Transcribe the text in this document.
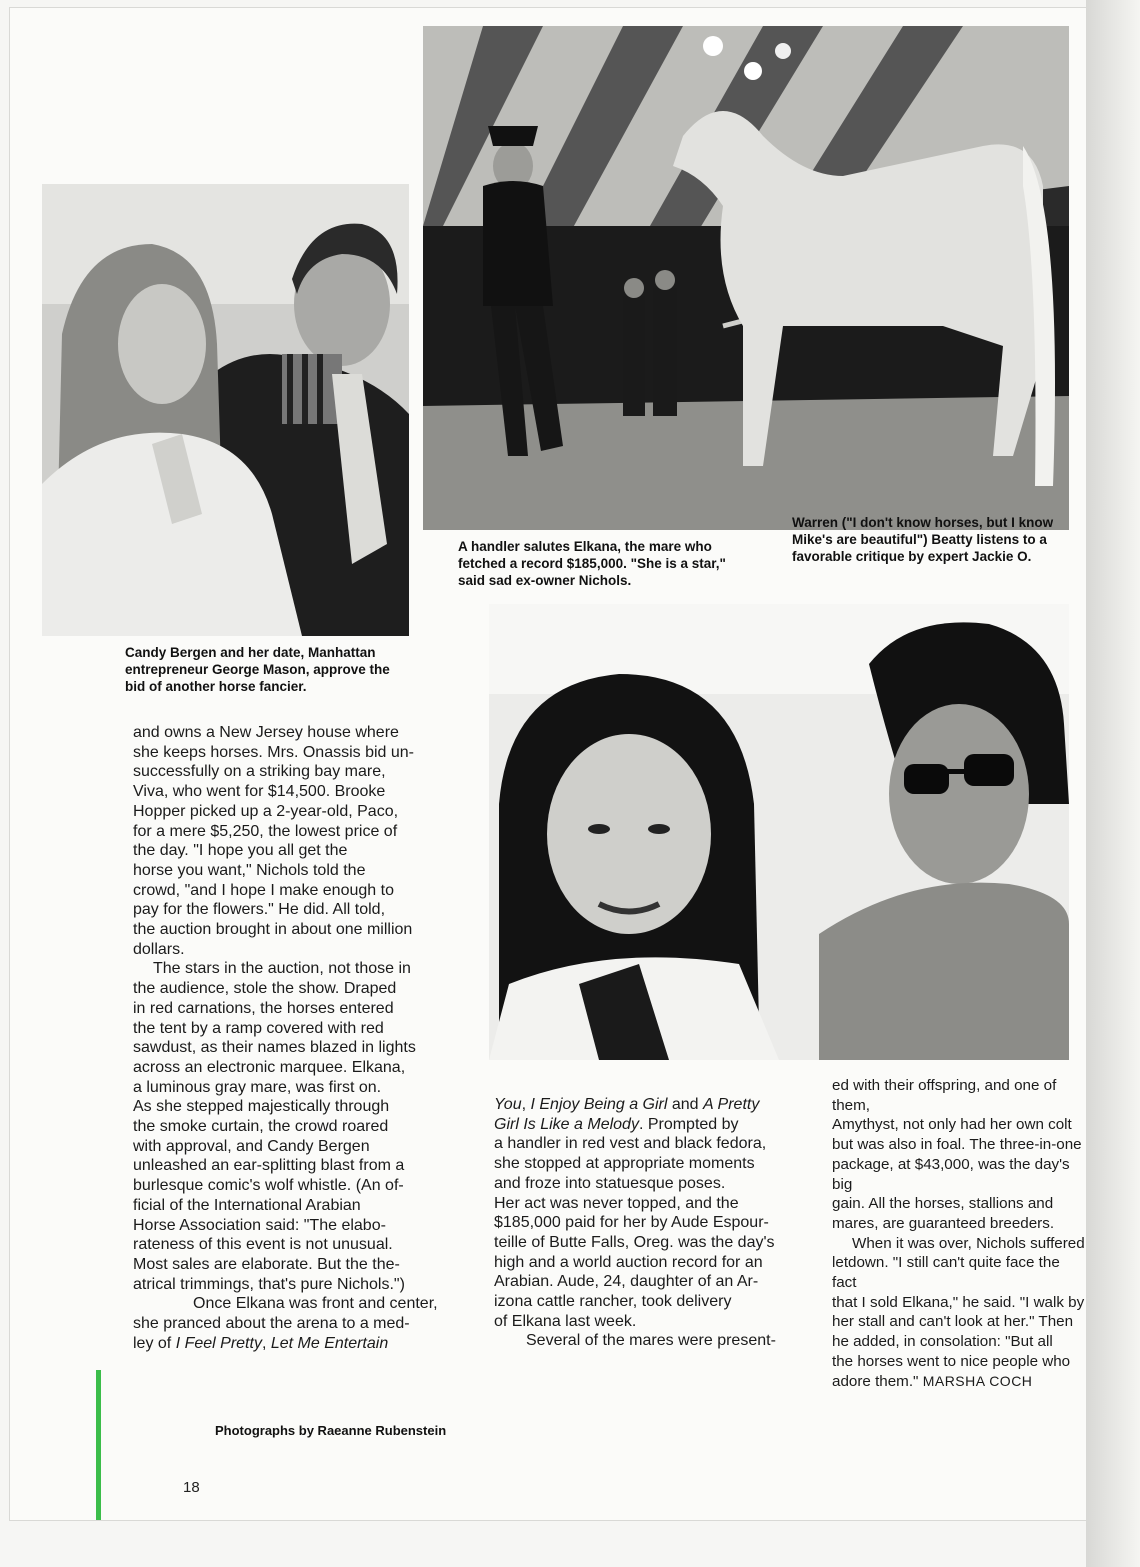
Candy Bergen and her date, Manhattan
entrepreneur George Mason, approve the
bid of another horse fancier.
A handler salutes Elkana, the mare who
fetched a record $185,000. "She is a star,"
said sad ex-owner Nichols.
Warren ("I don't know horses, but I know
Mike's are beautiful") Beatty listens to a
favorable critique by expert Jackie O.

and owns a New Jersey house where
she keeps horses. Mrs. Onassis bid un-
successfully on a striking bay mare,
Viva, who went for $14,500. Brooke
Hopper picked up a 2-year-old, Paco,
for a mere $5,250, the lowest price of
the day. "I hope you all get the
horse you want," Nichols told the
crowd, "and I hope I make enough to
pay for the flowers." He did. All told,
the auction brought in about one million
dollars.

The stars in the auction, not those in
the audience, stole the show. Draped
in red carnations, the horses entered
the tent by a ramp covered with red
sawdust, as their names blazed in lights
across an electronic marquee. Elkana,
a luminous gray mare, was first on.
As she stepped majestically through
the smoke curtain, the crowd roared
with approval, and Candy Bergen
unleashed an ear-splitting blast from a
burlesque comic's wolf whistle. (An of-
ficial of the International Arabian
Horse Association said: "The elabo-
rateness of this event is not unusual.
Most sales are elaborate. But the the-
atrical trimmings, that's pure Nichols.")

Once Elkana was front and center,
she pranced about the arena to a med-
ley of I Feel Pretty, Let Me Entertain

You, I Enjoy Being a Girl and A Pretty
Girl Is Like a Melody. Prompted by
a handler in red vest and black fedora,
she stopped at appropriate moments
and froze into statuesque poses.
Her act was never topped, and the
$185,000 paid for her by Aude Espour-
teille of Butte Falls, Oreg. was the day's
high and a world auction record for an
Arabian. Aude, 24, daughter of an Ar-
izona cattle rancher, took delivery
of Elkana last week.

Several of the mares were present-

ed with their offspring, and one of them,
Amythyst, not only had her own colt
but was also in foal. The three-in-one
package, at $43,000, was the day's big
gain. All the horses, stallions and
mares, are guaranteed breeders.

When it was over, Nichols suffered
letdown. "I still can't quite face the fact
that I sold Elkana," he said. "I walk by
her stall and can't look at her." Then
he added, in consolation: "But all
the horses went to nice people who
adore them." MARSHA COCH

Photographs by Raeanne Rubenstein
18
